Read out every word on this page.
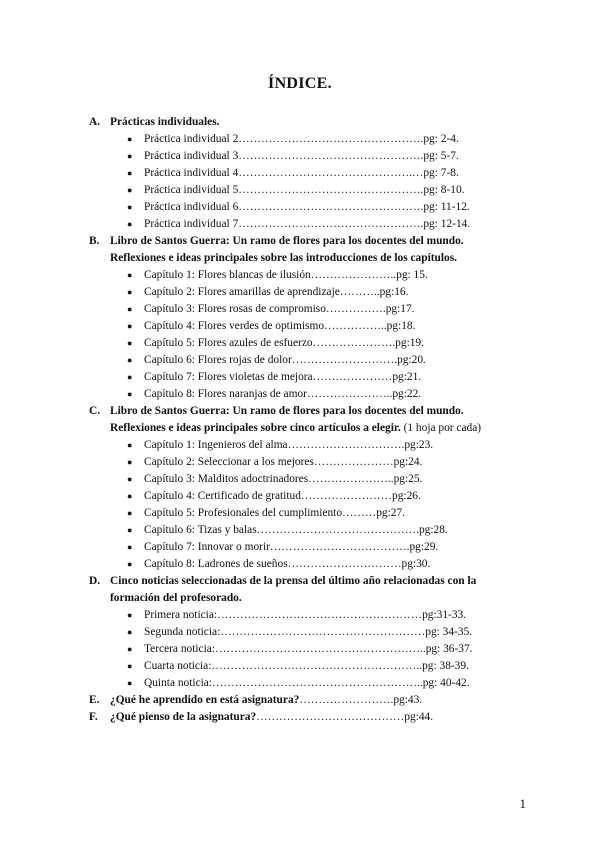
ÍNDICE.
A. Prácticas individuales.
● Práctica individual 2………………………………………….pg: 2-4.
● Práctica individual 3………………………………………….pg: 5-7.
● Práctica individual 4……………………………………….…pg: 7-8.
● Práctica individual 5………………………………………….pg: 8-10.
● Práctica individual 6………………………………………….pg: 11-12.
● Práctica individual 7………………………………………….pg: 12-14.
B. Libro de Santos Guerra: Un ramo de flores para los docentes del mundo.
Reflexiones e ideas principales sobre las introducciones de los capítulos.
● Capítulo 1: Flores blancas de ilusión…………………..pg: 15.
● Capítulo 2: Flores amarillas de aprendizaje………..pg:16.
● Capítulo 3: Flores rosas de compromiso…………….pg:17.
● Capítulo 4: Flores verdes de optimismo……………..pg:18.
● Capítulo 5: Flores azules de esfuerzo………………….pg:19.
● Capítulo 6: Flores rojas de dolor……………………….pg:20.
● Capítulo 7: Flores violetas de mejora…………………pg:21.
● Capítulo 8: Flores naranjas de amor…………………..pg:22.
C. Libro de Santos Guerra: Un ramo de flores para los docentes del mundo.
Reflexiones e ideas principales sobre cinco artículos a elegir. (1 hoja por cada)
● Capítulo 1: Ingenieros del alma………………………….pg:23.
● Capítulo 2: Seleccionar a los mejores…………………pg:24.
● Capítulo 3: Malditos adoctrinadores…………………..pg:25.
● Capítulo 4: Certificado de gratitud……………………pg:26.
● Capítulo 5: Profesionales del cumplimiento………pg:27.
● Capítulo 6: Tizas y balas…………………………………….pg:28.
● Capítulo 7: Innovar o morir……………………………….pg:29.
● Capítulo 8: Ladrones de sueños…………………………pg:30.
D. Cinco noticias seleccionadas de la prensa del último año relacionadas con la
formación del profesorado.
● Primera noticia:………………………………………………pg:31-33.
● Segunda noticia:………………………………………………pg: 34-35.
● Tercera noticia:………………………………………………..pg: 36-37.
● Cuarta noticia:………………………………………………..pg: 38-39.
● Quinta noticia:………………………………………………..pg: 40-42.
E. ¿Qué he aprendido en está asignatura?…………………….pg:43.
F. ¿Qué pienso de la asignatura?…………………………………pg:44.
1
